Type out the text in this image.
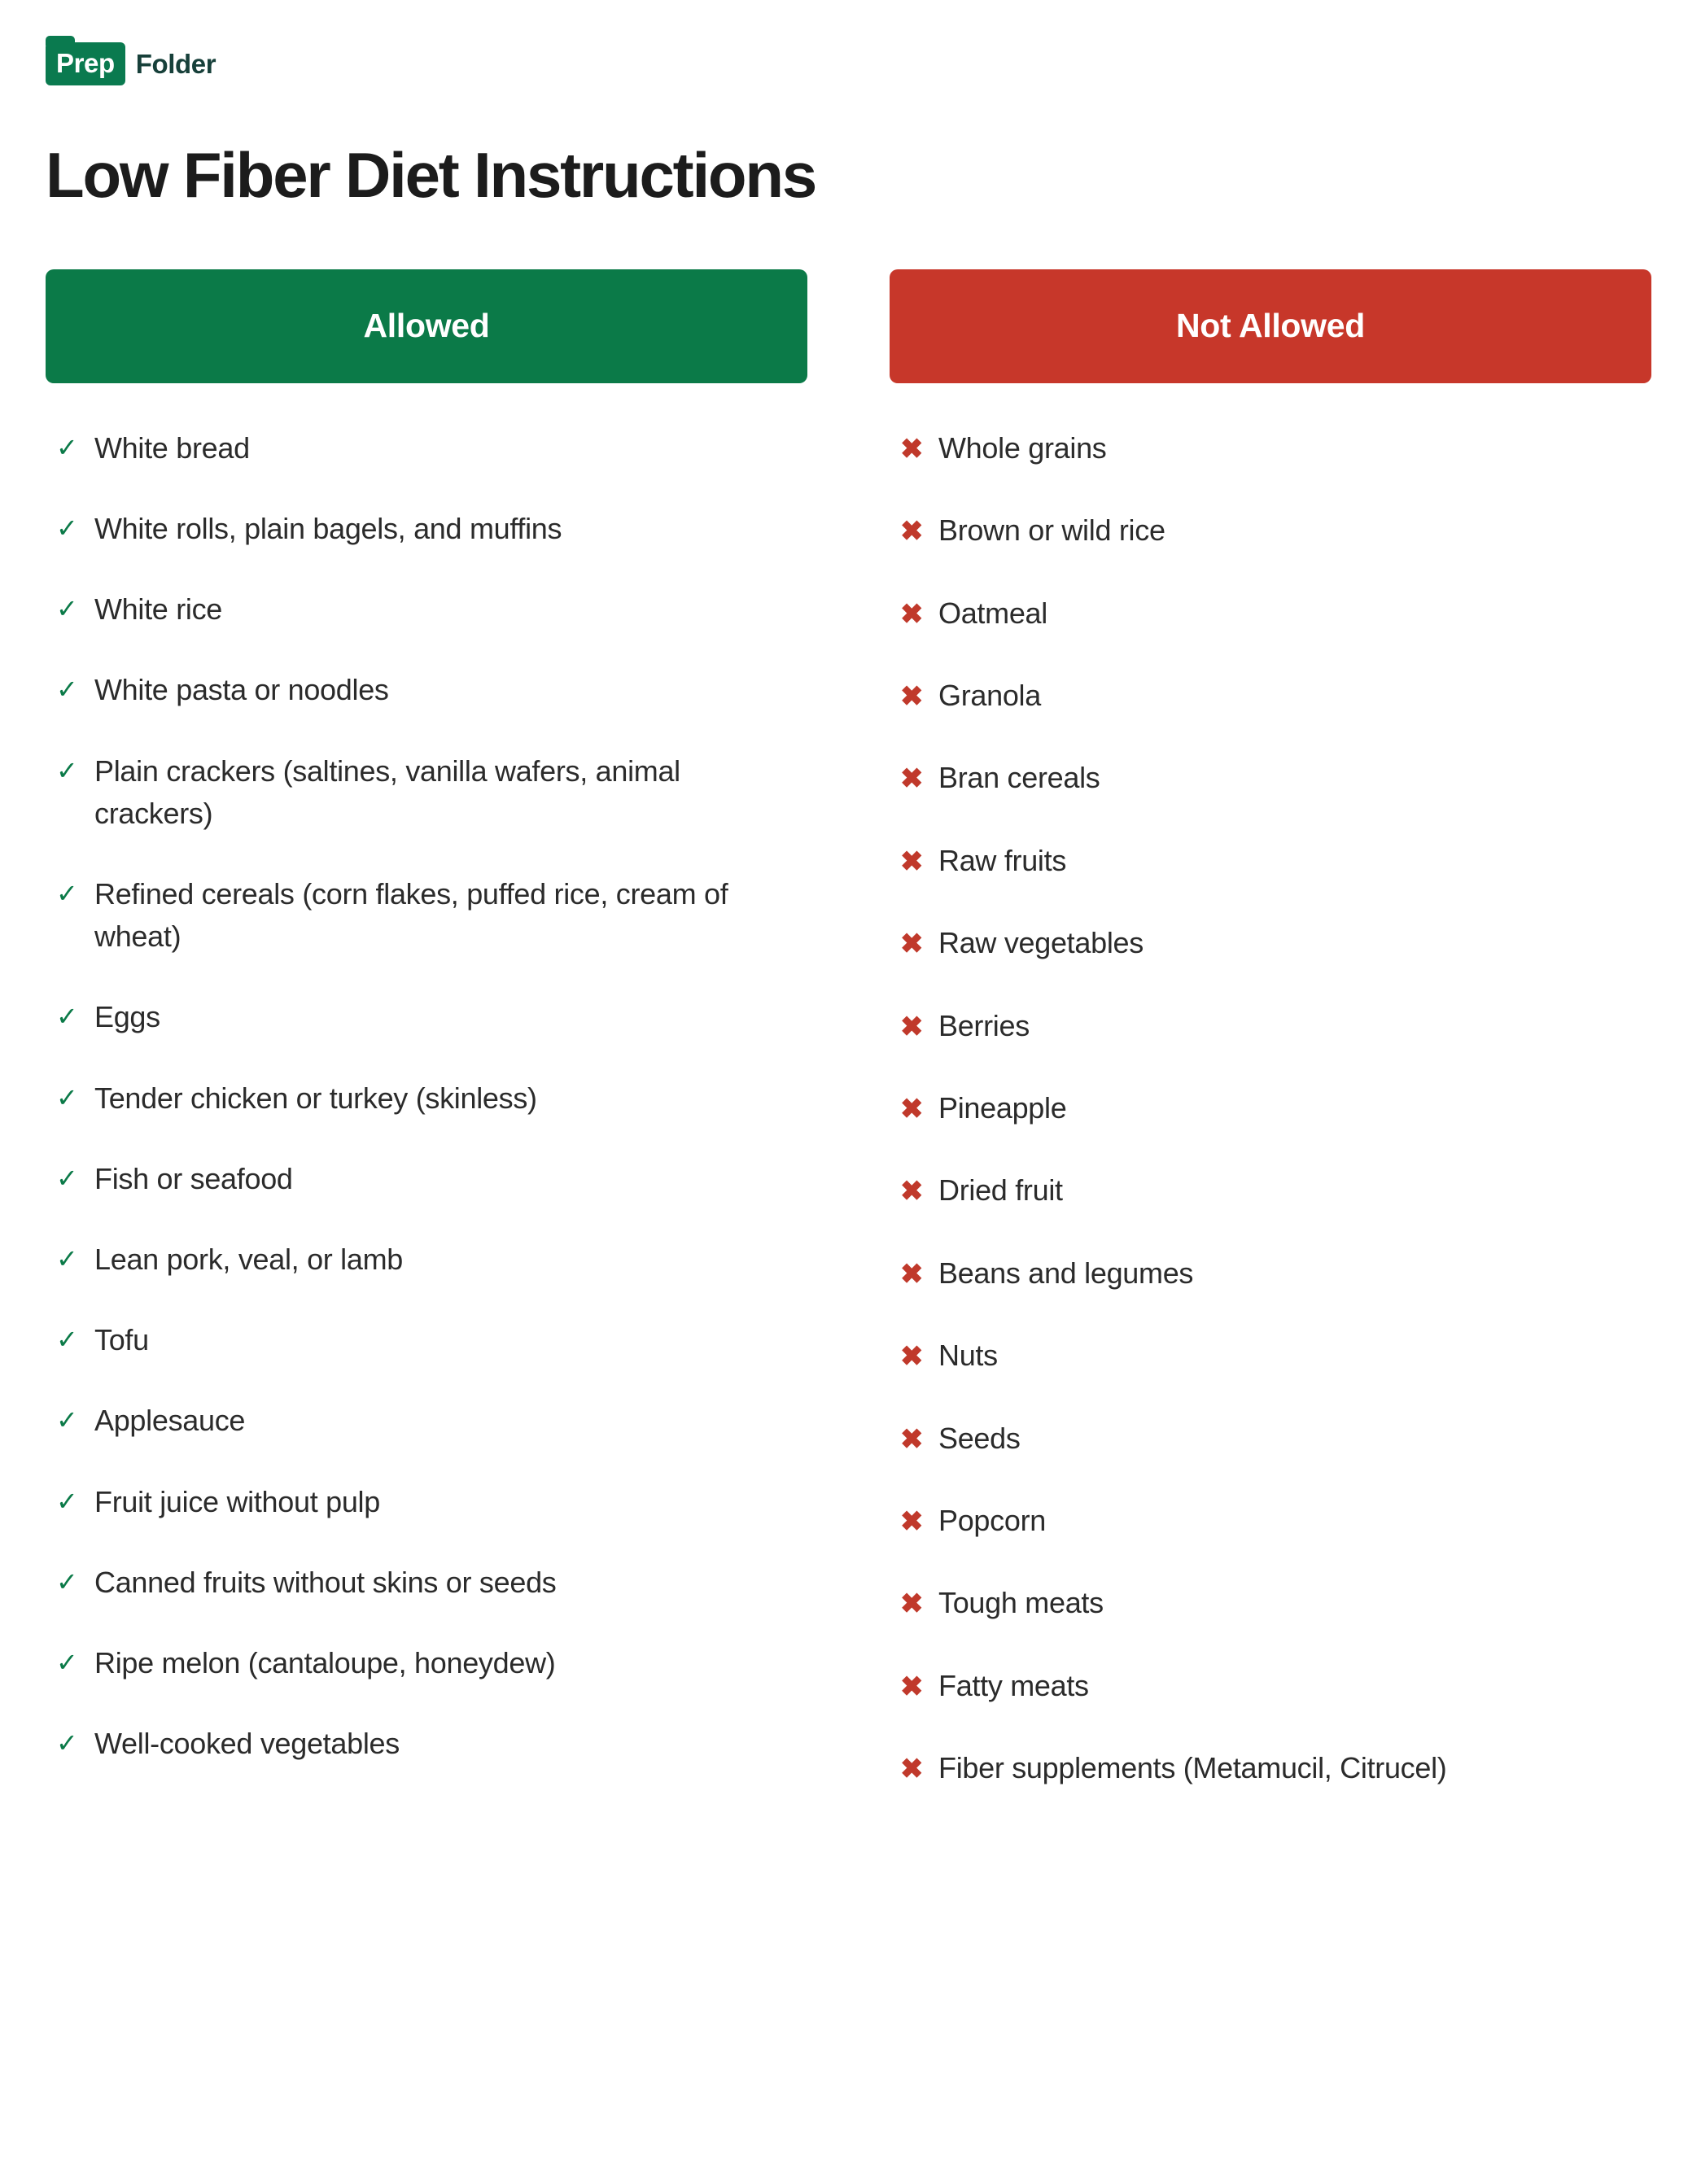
Prep Folder
Low Fiber Diet Instructions
Allowed
✓ White bread
✓ White rolls, plain bagels, and muffins
✓ White rice
✓ White pasta or noodles
✓ Plain crackers (saltines, vanilla wafers, animal crackers)
✓ Refined cereals (corn flakes, puffed rice, cream of wheat)
✓ Eggs
✓ Tender chicken or turkey (skinless)
✓ Fish or seafood
✓ Lean pork, veal, or lamb
✓ Tofu
✓ Applesauce
✓ Fruit juice without pulp
✓ Canned fruits without skins or seeds
✓ Ripe melon (cantaloupe, honeydew)
✓ Well-cooked vegetables
Not Allowed
✖ Whole grains
✖ Brown or wild rice
✖ Oatmeal
✖ Granola
✖ Bran cereals
✖ Raw fruits
✖ Raw vegetables
✖ Berries
✖ Pineapple
✖ Dried fruit
✖ Beans and legumes
✖ Nuts
✖ Seeds
✖ Popcorn
✖ Tough meats
✖ Fatty meats
✖ Fiber supplements (Metamucil, Citrucel)
